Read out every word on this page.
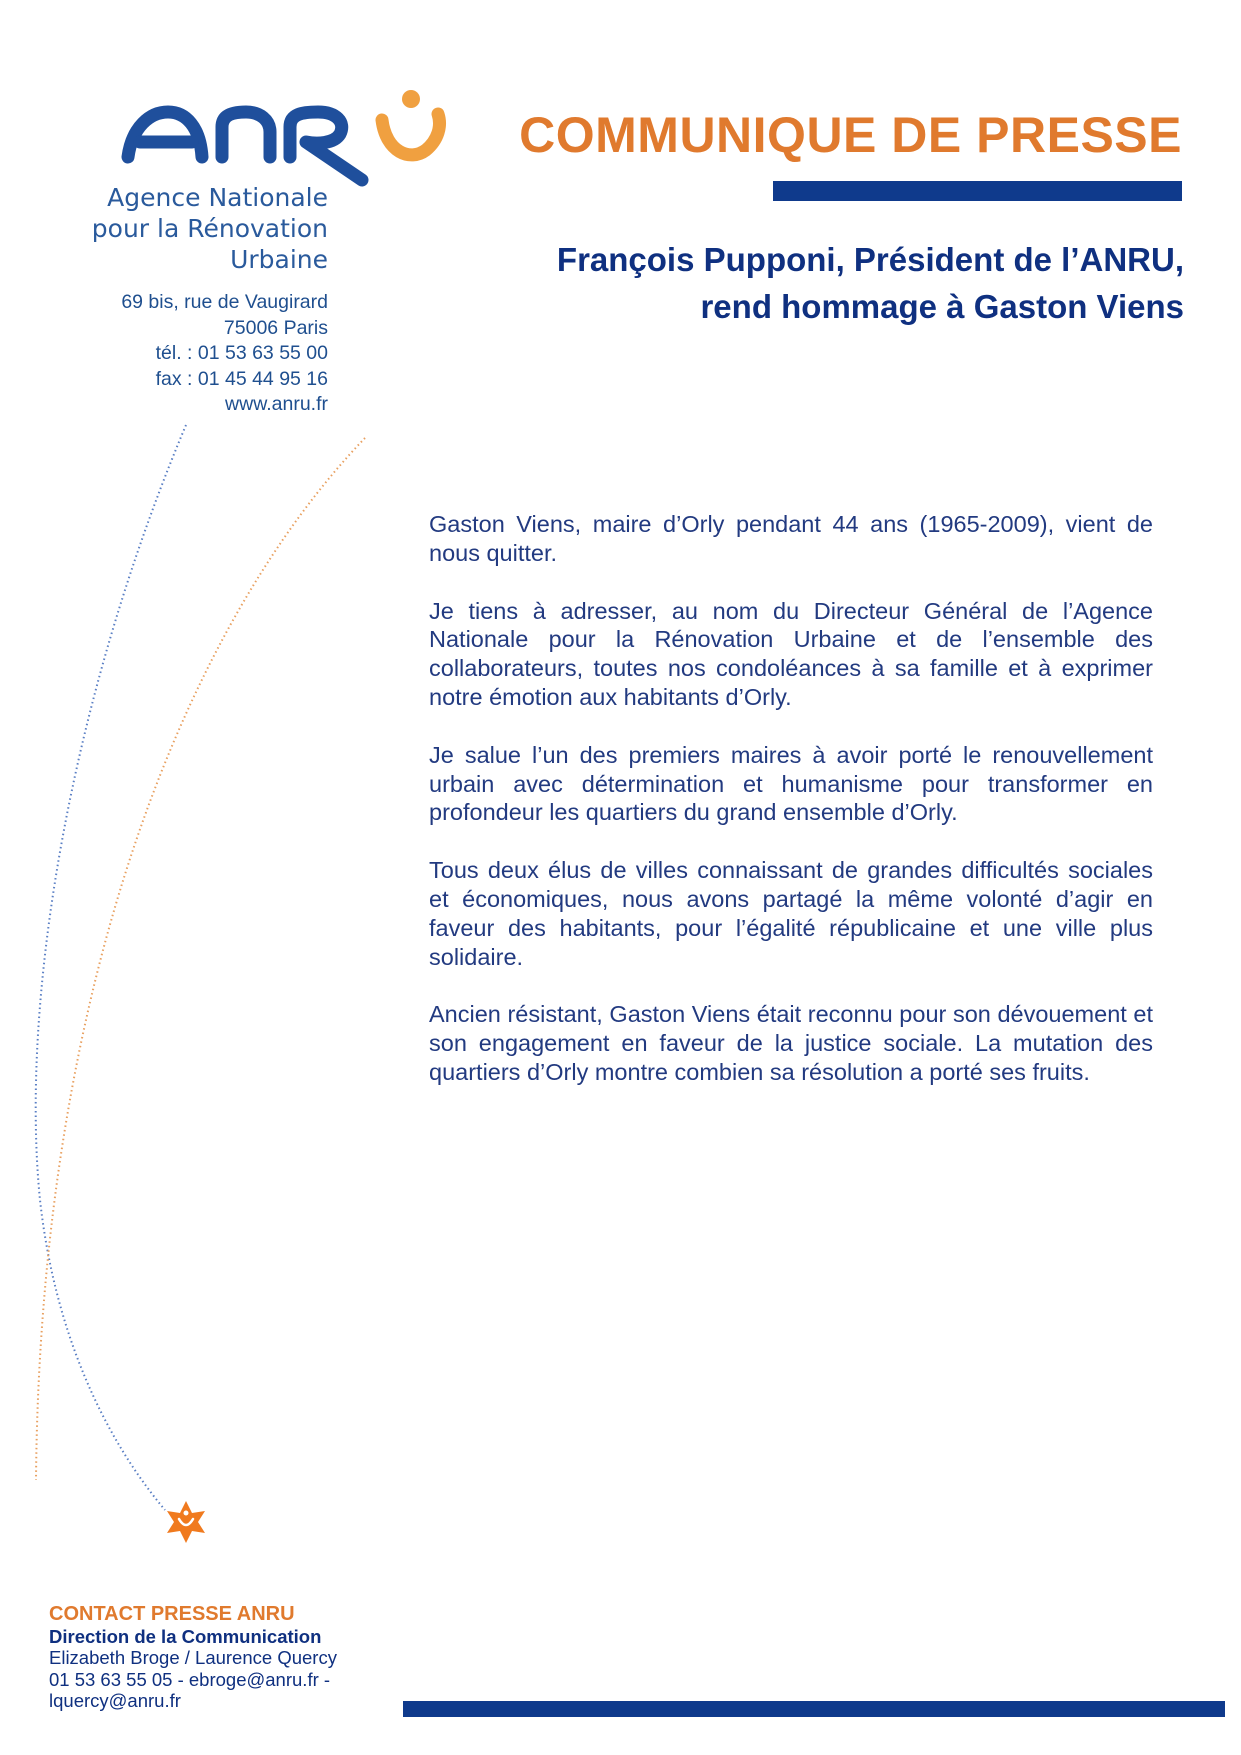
Agence Nationale
pour la Rénovation
Urbaine
69 bis, rue de Vaugirard
75006 Paris
tél. : 01 53 63 55 00
fax : 01 45 44 95 16
www.anru.fr
COMMUNIQUE DE PRESSE
François Pupponi, Président de l’ANRU,
rend hommage à Gaston Viens

Gaston Viens, maire d’Orly pendant 44 ans (1965-2009), vient de nous quitter.

Je tiens à adresser, au nom du Directeur Général de l’Agence Nationale pour la Rénovation Urbaine et de l’ensemble des collaborateurs, toutes nos condoléances à sa famille et à exprimer notre émotion aux habitants d’Orly.

Je salue l’un des premiers maires à avoir porté le renouvellement urbain avec détermination et humanisme pour transformer en profondeur les quartiers du grand ensemble d’Orly.

Tous deux élus de villes connaissant de grandes difficultés sociales et économiques, nous avons partagé la même volonté d’agir en faveur des habitants, pour l’égalité républicaine et une ville plus solidaire.

Ancien résistant, Gaston Viens était reconnu pour son dévouement et son engagement en faveur de la justice sociale. La mutation des quartiers d’Orly montre combien sa résolution a porté ses fruits.

CONTACT PRESSE ANRU
Direction de la Communication
Elizabeth Broge / Laurence Quercy
01 53 63 55 05 - ebroge@anru.fr -
lquercy@anru.fr
